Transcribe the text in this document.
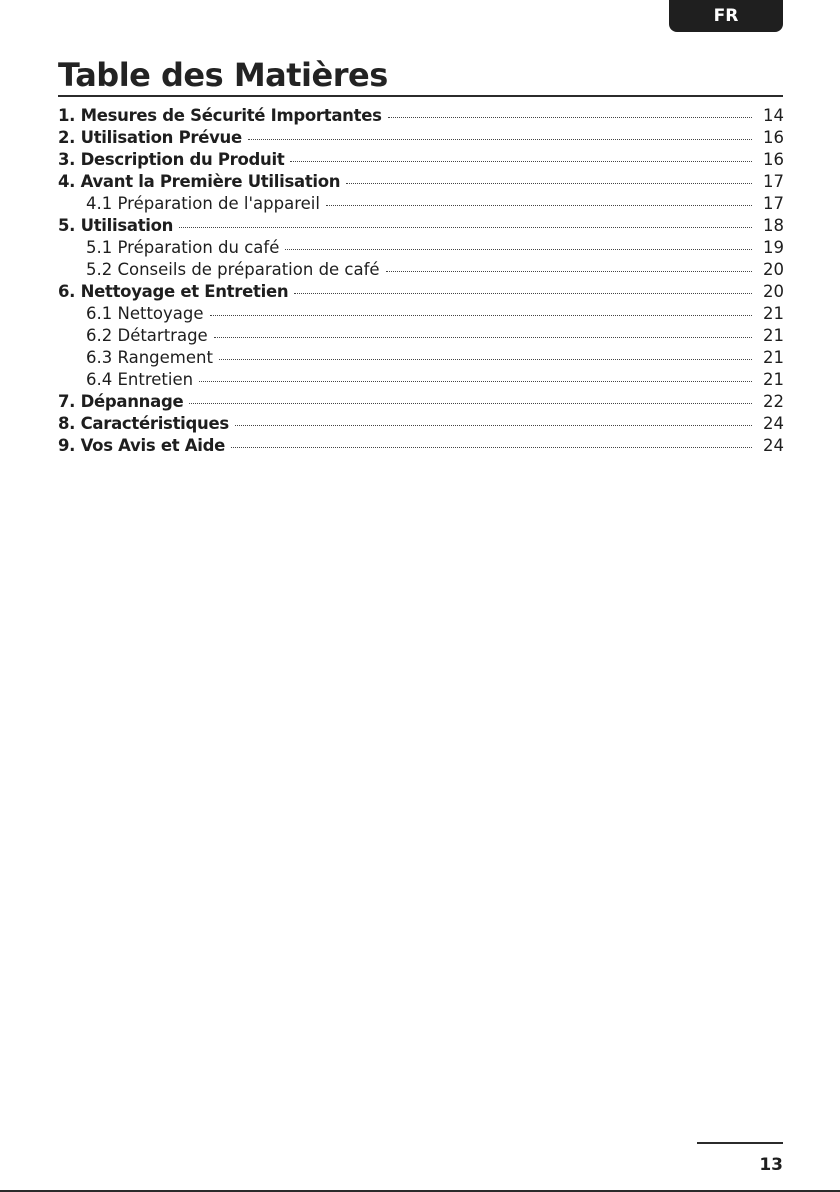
FR
Table des Matières
1. Mesures de Sécurité Importantes	14
2. Utilisation Prévue	16
3. Description du Produit	16
4. Avant la Première Utilisation	17
4.1 Préparation de l'appareil	17
5. Utilisation	18
5.1 Préparation du café	19
5.2 Conseils de préparation de café	20
6. Nettoyage et Entretien	20
6.1 Nettoyage	21
6.2 Détartrage	21
6.3 Rangement	21
6.4 Entretien	21
7. Dépannage	22
8. Caractéristiques	24
9. Vos Avis et Aide	24
13
